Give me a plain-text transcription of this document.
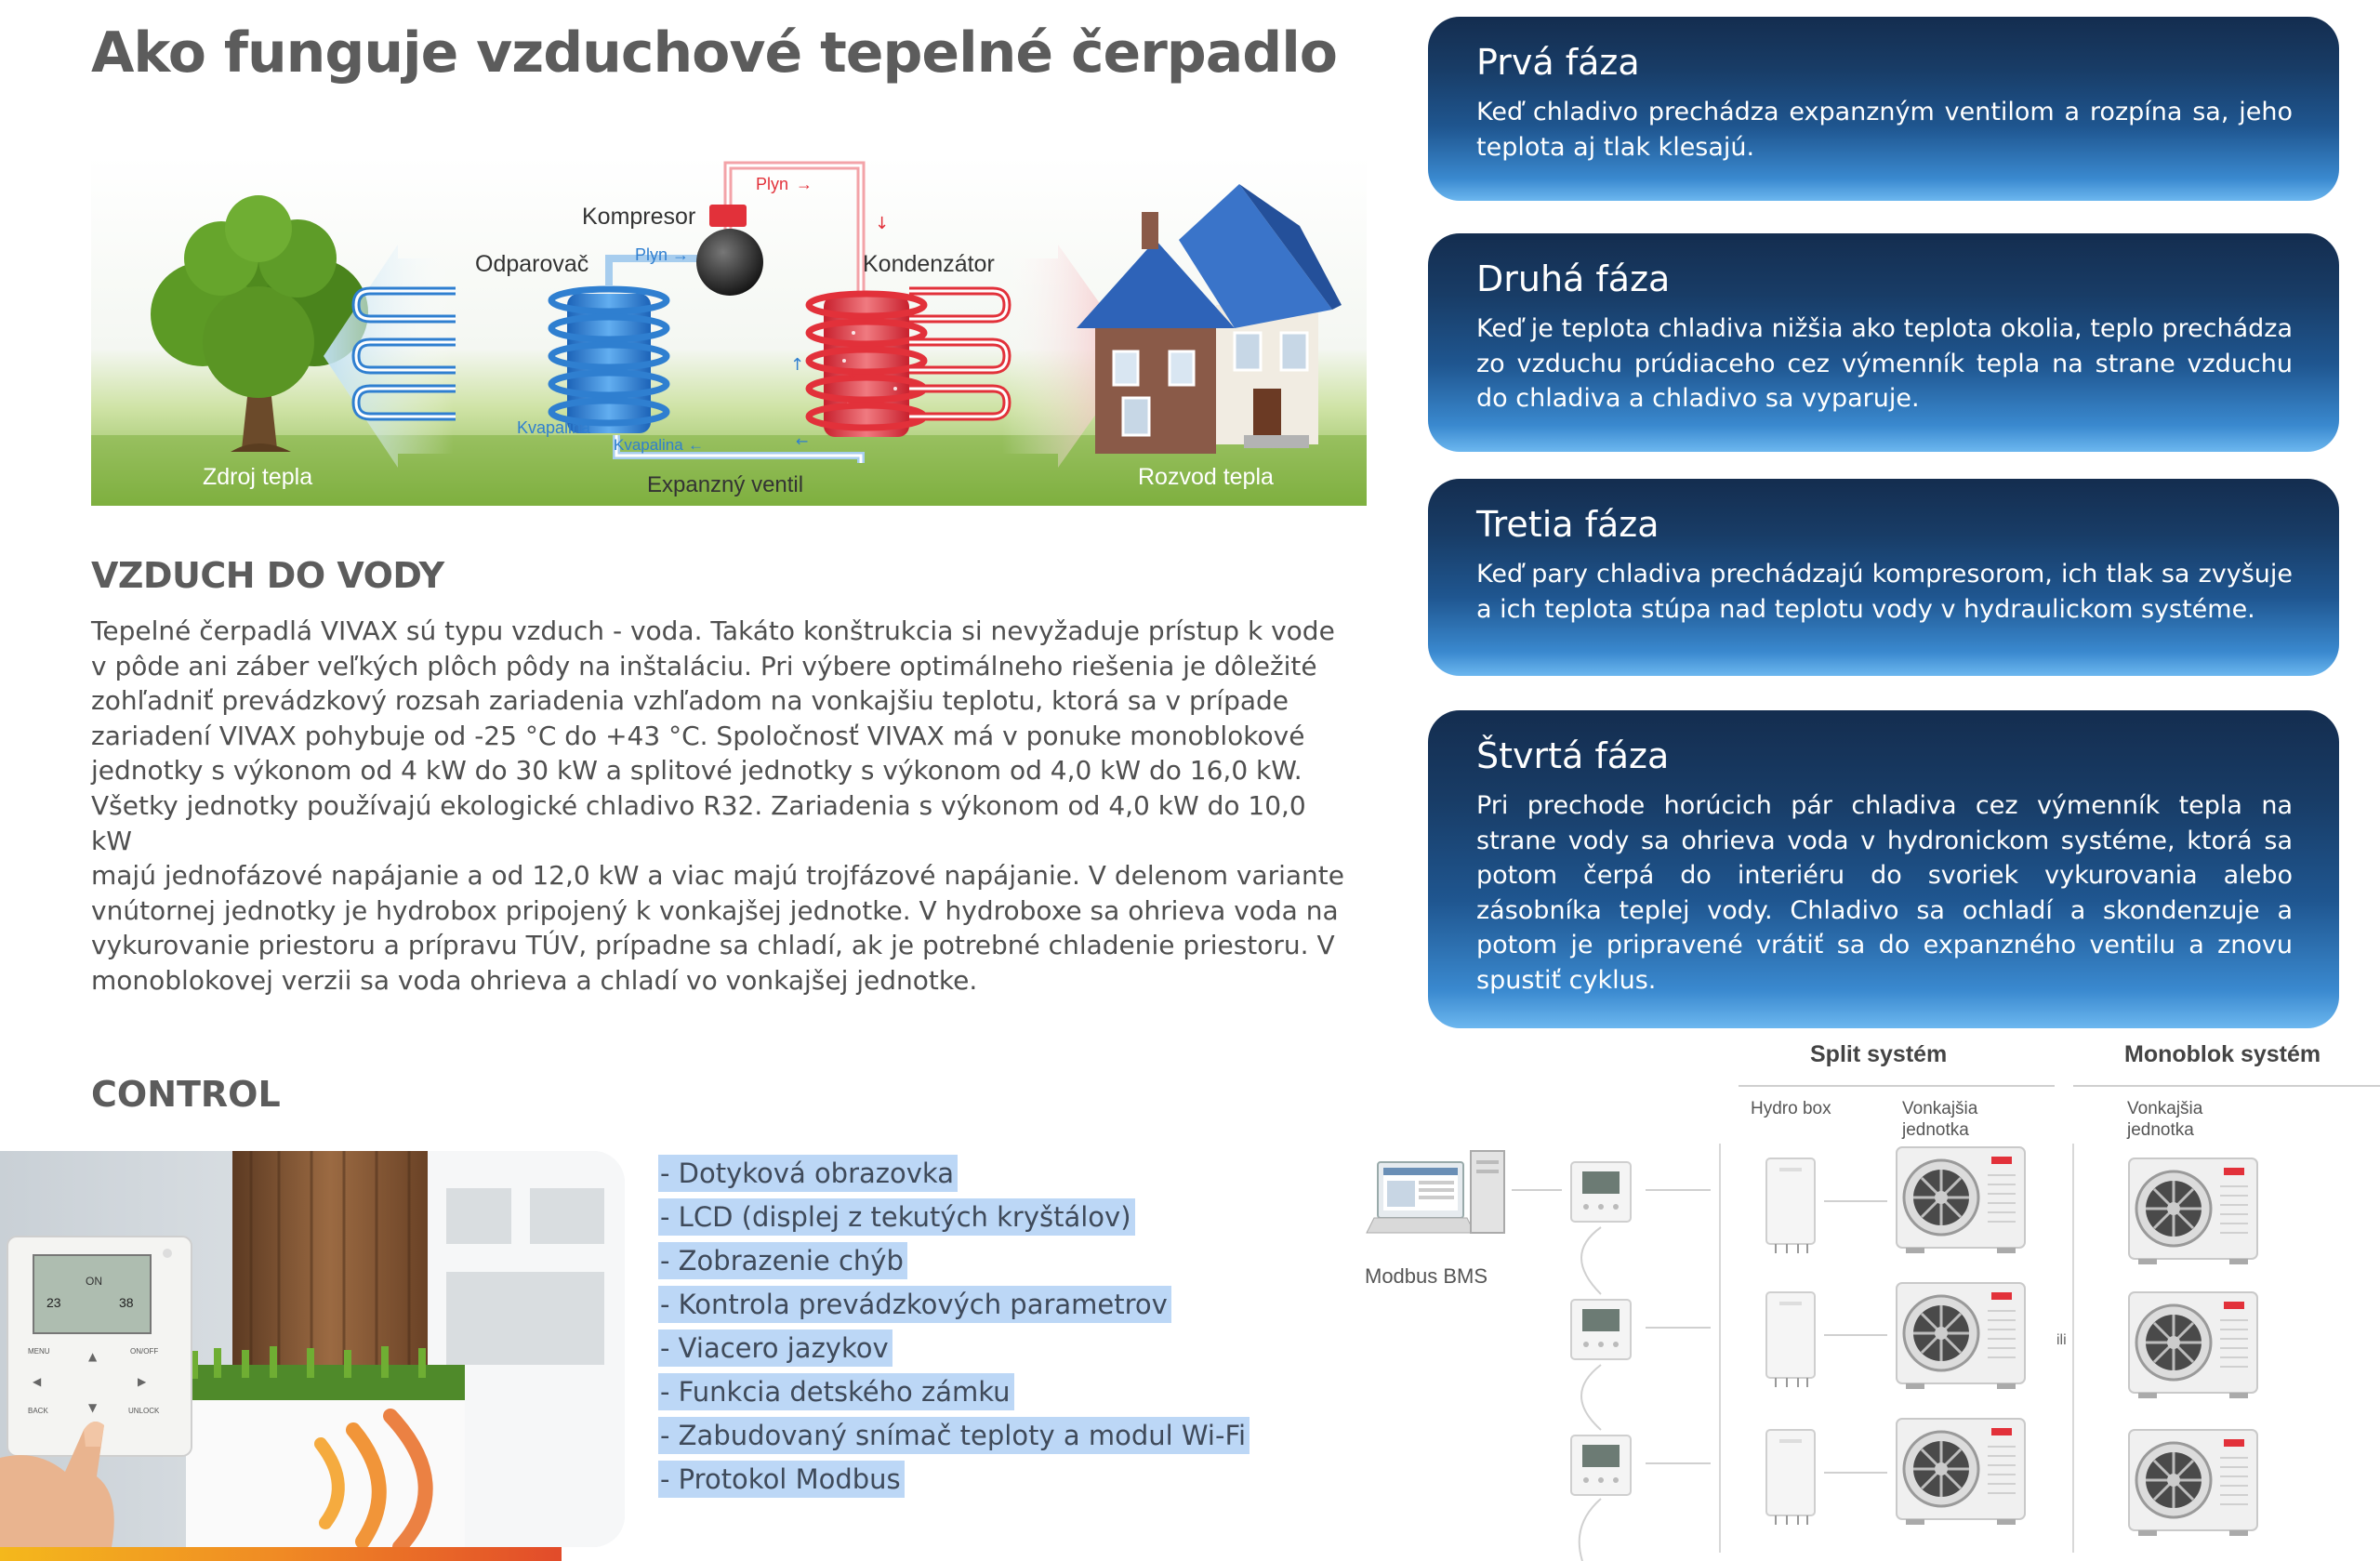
Ako funguje vzduchové tepelné čerpadlo
↓
↑	↓
←
Kompresor
Odparovač	Kondenzátor
Plyn →
Plyn →
Kvapalina
Kvapalina ←
Expanzný ventil
Zdroj tepla	Rozvod tepla
VZDUCH DO VODY
Tepelné čerpadlá VIVAX sú typu vzduch - voda. Takáto konštrukcia si nevyžaduje prístup k vode
v pôde ani záber veľkých plôch pôdy na inštaláciu. Pri výbere optimálneho riešenia je dôležité
zohľadniť prevádzkový rozsah zariadenia vzhľadom na vonkajšiu teplotu, ktorá sa v prípade
zariadení VIVAX pohybuje od -25 °C do +43 °C. Spoločnosť VIVAX má v ponuke monoblokové
jednotky s výkonom od 4 kW do 30 kW a splitové jednotky s výkonom od 4,0 kW do 16,0 kW.
Všetky jednotky používajú ekologické chladivo R32. Zariadenia s výkonom od 4,0 kW do 10,0 kW
majú jednofázové napájanie a od 12,0 kW a viac majú trojfázové napájanie. V delenom variante
vnútornej jednotky je hydrobox pripojený k vonkajšej jednotke. V hydroboxe sa ohrieva voda na
vykurovanie priestoru a prípravu TÚV, prípadne sa chladí, ak je potrebné chladenie priestoru. V
monoblokovej verzii sa voda ohrieva a chladí vo vonkajšej jednotke.
Prvá fáza

Keď chladivo prechádza expanzným ventilom a rozpína sa, jeho teplota aj tlak klesajú.

Druhá fáza

Keď je teplota chladiva nižšia ako teplota okolia, teplo prechádza zo vzduchu prúdiaceho cez výmenník tepla na strane vzduchu do chladiva a chladivo sa vyparuje.

Tretia fáza

Keď pary chladiva prechádzajú kompresorom, ich tlak sa zvyšuje a ich teplota stúpa nad teplotu vody v hydraulickom systéme.

Štvrtá fáza

Pri prechode horúcich pár chladiva cez výmenník tepla na strane vody sa ohrieva voda v hydronickom systéme, ktorá sa potom čerpá do interiéru do svoriek vykurovania alebo zásobníka teplej vody. Chladivo sa ochladí a skondenzuje a potom je pripravené vrátiť sa do expanzného ventilu a znovu spustiť cyklus.

CONTROL
ON
23	38
MENU	ON/OFF
BACK	UNLOCK
▲
▼
◀	▶
- Dotyková obrazovka
- LCD (displej z tekutých kryštálov)
- Zobrazenie chýb
- Kontrola prevádzkových parametrov
- Viacero jazykov
- Funkcia detského zámku
- Zabudovaný snímač teploty a modul Wi-Fi
- Protokol Modbus
Split systém	Monoblok systém
Hydro box	Vonkajšia
jednotka
Vonkajšia
jednotka
Modbus BMS
ili
